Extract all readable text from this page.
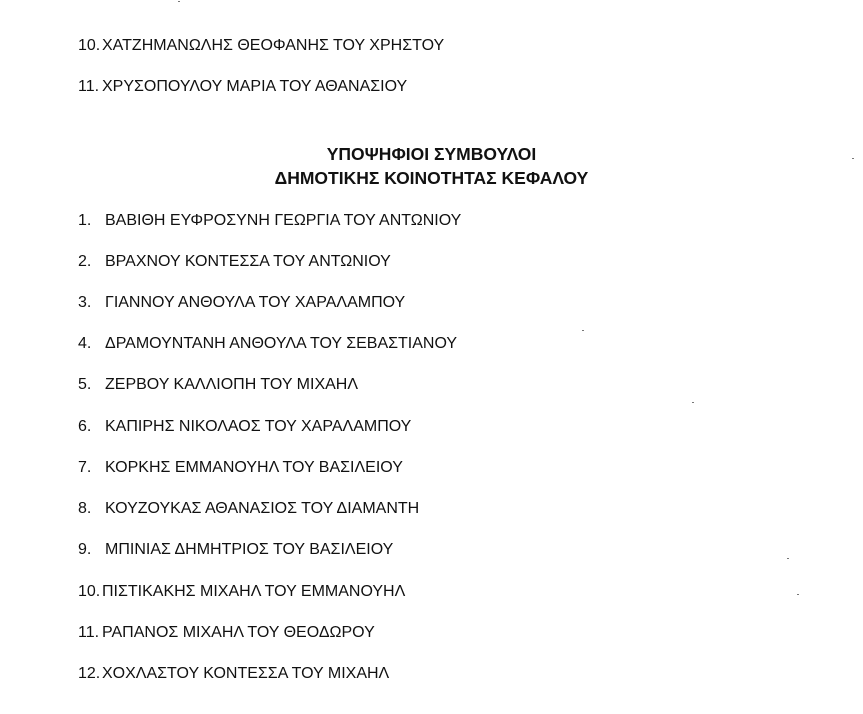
10. ΧΑΤΖΗΜΑΝΩΛΗΣ ΘΕΟΦΑΝΗΣ ΤΟΥ ΧΡΗΣΤΟΥ
11. ΧΡΥΣΟΠΟΥΛΟΥ ΜΑΡΙΑ ΤΟΥ ΑΘΑΝΑΣΙΟΥ
ΥΠΟΨΗΦΙΟΙ ΣΥΜΒΟΥΛΟΙ
ΔΗΜΟΤΙΚΗΣ ΚΟΙΝΟΤΗΤΑΣ ΚΕΦΑΛΟΥ
1. ΒΑΒΙΘΗ ΕΥΦΡΟΣΥΝΗ ΓΕΩΡΓΙΑ ΤΟΥ ΑΝΤΩΝΙΟΥ
2. ΒΡΑΧΝΟΥ ΚΟΝΤΕΣΣΑ ΤΟΥ ΑΝΤΩΝΙΟΥ
3. ΓΙΑΝΝΟΥ ΑΝΘΟΥΛΑ ΤΟΥ ΧΑΡΑΛΑΜΠΟΥ
4. ΔΡΑΜΟΥΝΤΑΝΗ ΑΝΘΟΥΛΑ ΤΟΥ ΣΕΒΑΣΤΙΑΝΟΥ
5. ΖΕΡΒΟΥ ΚΑΛΛΙΟΠΗ ΤΟΥ ΜΙΧΑΗΛ
6. ΚΑΠΙΡΗΣ ΝΙΚΟΛΑΟΣ ΤΟΥ ΧΑΡΑΛΑΜΠΟΥ
7. ΚΟΡΚΗΣ ΕΜΜΑΝΟΥΗΛ ΤΟΥ ΒΑΣΙΛΕΙΟΥ
8. ΚΟΥΖΟΥΚΑΣ ΑΘΑΝΑΣΙΟΣ ΤΟΥ ΔΙΑΜΑΝΤΗ
9. ΜΠΙΝΙΑΣ ΔΗΜΗΤΡΙΟΣ ΤΟΥ ΒΑΣΙΛΕΙΟΥ
10. ΠΙΣΤΙΚΑΚΗΣ ΜΙΧΑΗΛ ΤΟΥ ΕΜΜΑΝΟΥΗΛ
11. ΡΑΠΑΝΟΣ ΜΙΧΑΗΛ ΤΟΥ ΘΕΟΔΩΡΟΥ
12. ΧΟΧΛΑΣΤΟΥ ΚΟΝΤΕΣΣΑ ΤΟΥ ΜΙΧΑΗΛ
